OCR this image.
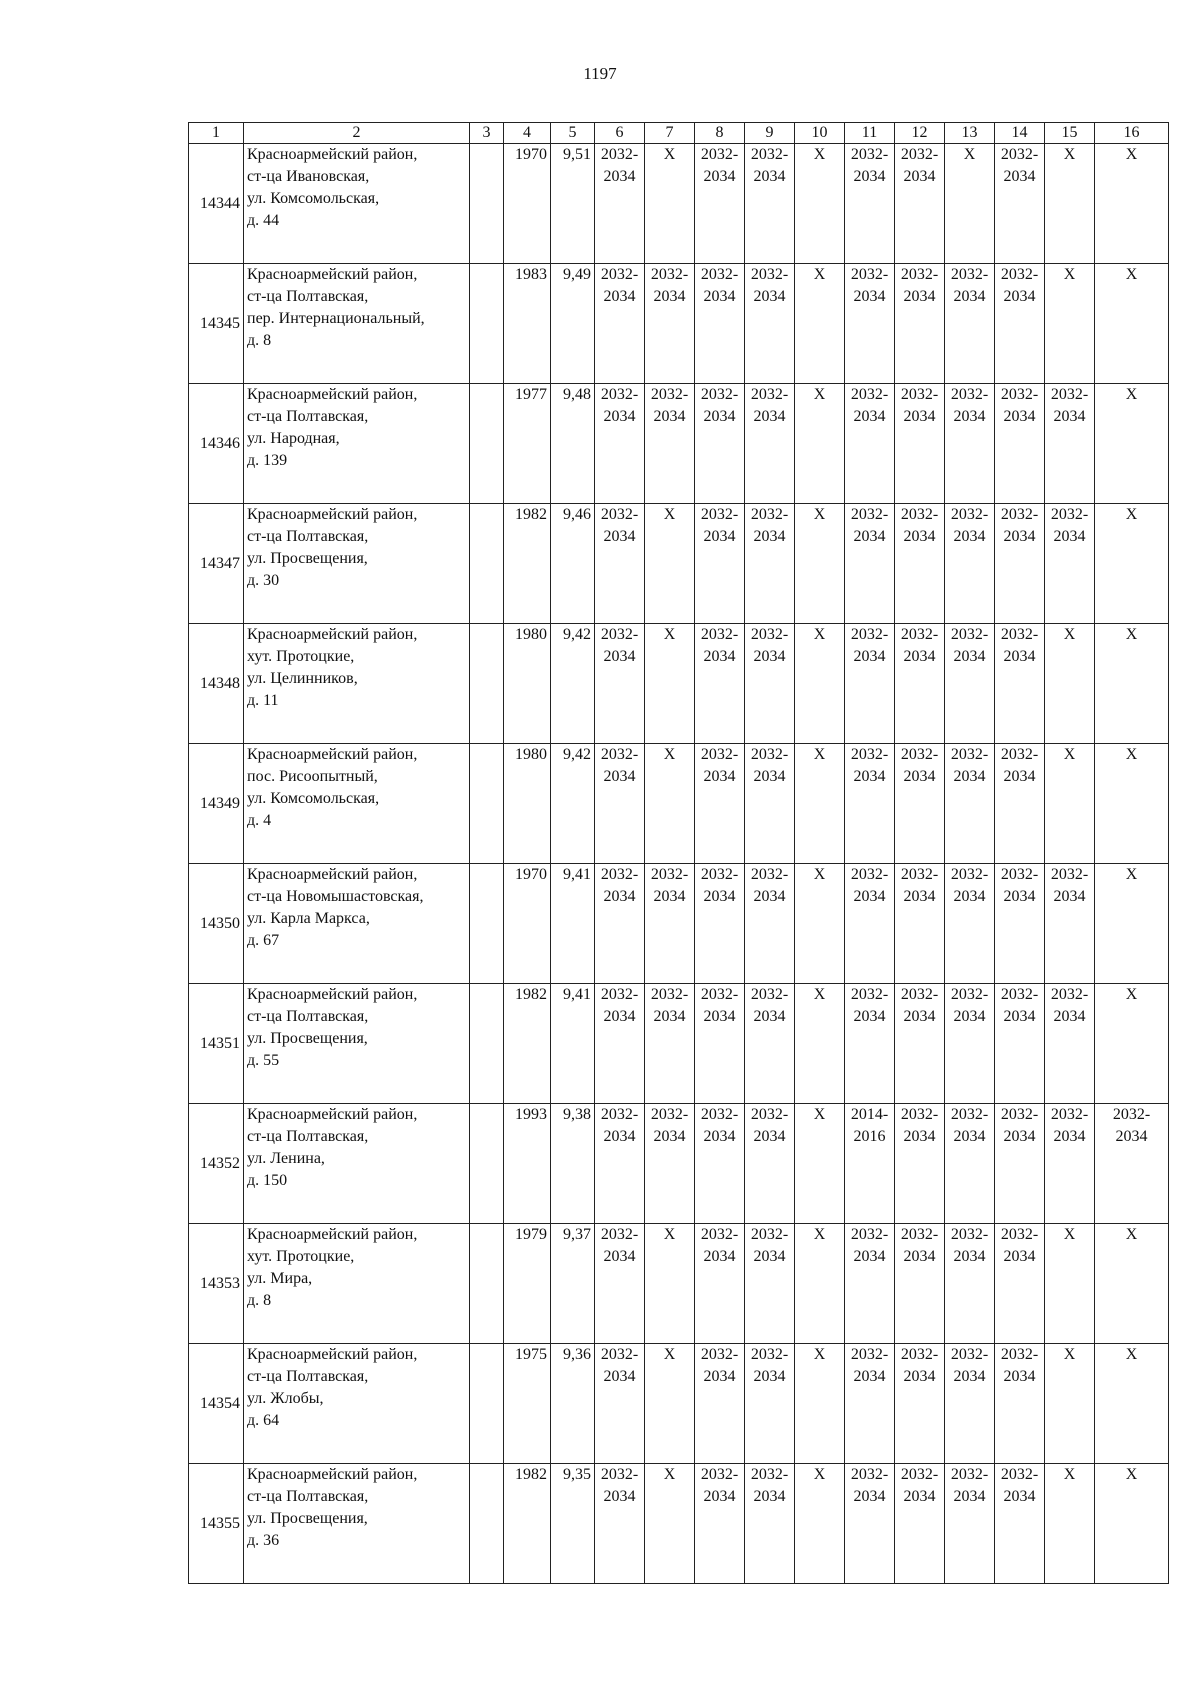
1197
1	2	3	4	5	6	7	8	9	10	11	12	13	14	15	16
14344	Красноармейский район,
ст-ца Ивановская,
ул. Комсомольская,
д. 44		1970	9,51	2032-
2034	X	2032-
2034	2032-
2034	X	2032-
2034	2032-
2034	X	2032-
2034	X	X
14345	Красноармейский район,
ст-ца Полтавская,
пер. Интернациональный,
д. 8		1983	9,49	2032-
2034	2032-
2034	2032-
2034	2032-
2034	X	2032-
2034	2032-
2034	2032-
2034	2032-
2034	X	X
14346	Красноармейский район,
ст-ца Полтавская,
ул. Народная,
д. 139		1977	9,48	2032-
2034	2032-
2034	2032-
2034	2032-
2034	X	2032-
2034	2032-
2034	2032-
2034	2032-
2034	2032-
2034	X
14347	Красноармейский район,
ст-ца Полтавская,
ул. Просвещения,
д. 30		1982	9,46	2032-
2034	X	2032-
2034	2032-
2034	X	2032-
2034	2032-
2034	2032-
2034	2032-
2034	2032-
2034	X
14348	Красноармейский район,
хут. Протоцкие,
ул. Целинников,
д. 11		1980	9,42	2032-
2034	X	2032-
2034	2032-
2034	X	2032-
2034	2032-
2034	2032-
2034	2032-
2034	X	X
14349	Красноармейский район,
пос. Рисоопытный,
ул. Комсомольская,
д. 4		1980	9,42	2032-
2034	X	2032-
2034	2032-
2034	X	2032-
2034	2032-
2034	2032-
2034	2032-
2034	X	X
14350	Красноармейский район,
ст-ца Новомышастовская,
ул. Карла Маркса,
д. 67		1970	9,41	2032-
2034	2032-
2034	2032-
2034	2032-
2034	X	2032-
2034	2032-
2034	2032-
2034	2032-
2034	2032-
2034	X
14351	Красноармейский район,
ст-ца Полтавская,
ул. Просвещения,
д. 55		1982	9,41	2032-
2034	2032-
2034	2032-
2034	2032-
2034	X	2032-
2034	2032-
2034	2032-
2034	2032-
2034	2032-
2034	X
14352	Красноармейский район,
ст-ца Полтавская,
ул. Ленина,
д. 150		1993	9,38	2032-
2034	2032-
2034	2032-
2034	2032-
2034	X	2014-
2016	2032-
2034	2032-
2034	2032-
2034	2032-
2034	2032-
2034

14353	Красноармейский район,
хут. Протоцкие,
ул. Мира,
д. 8		1979	9,37	2032-
2034	X	2032-
2034	2032-
2034	X	2032-
2034	2032-
2034	2032-
2034	2032-
2034	X	X
14354	Красноармейский район,
ст-ца Полтавская,
ул. Жлобы,
д. 64		1975	9,36	2032-
2034	X	2032-
2034	2032-
2034	X	2032-
2034	2032-
2034	2032-
2034	2032-
2034	X	X
14355	Красноармейский район,
ст-ца Полтавская,
ул. Просвещения,
д. 36		1982	9,35	2032-
2034	X	2032-
2034	2032-
2034	X	2032-
2034	2032-
2034	2032-
2034	2032-
2034	X	X
